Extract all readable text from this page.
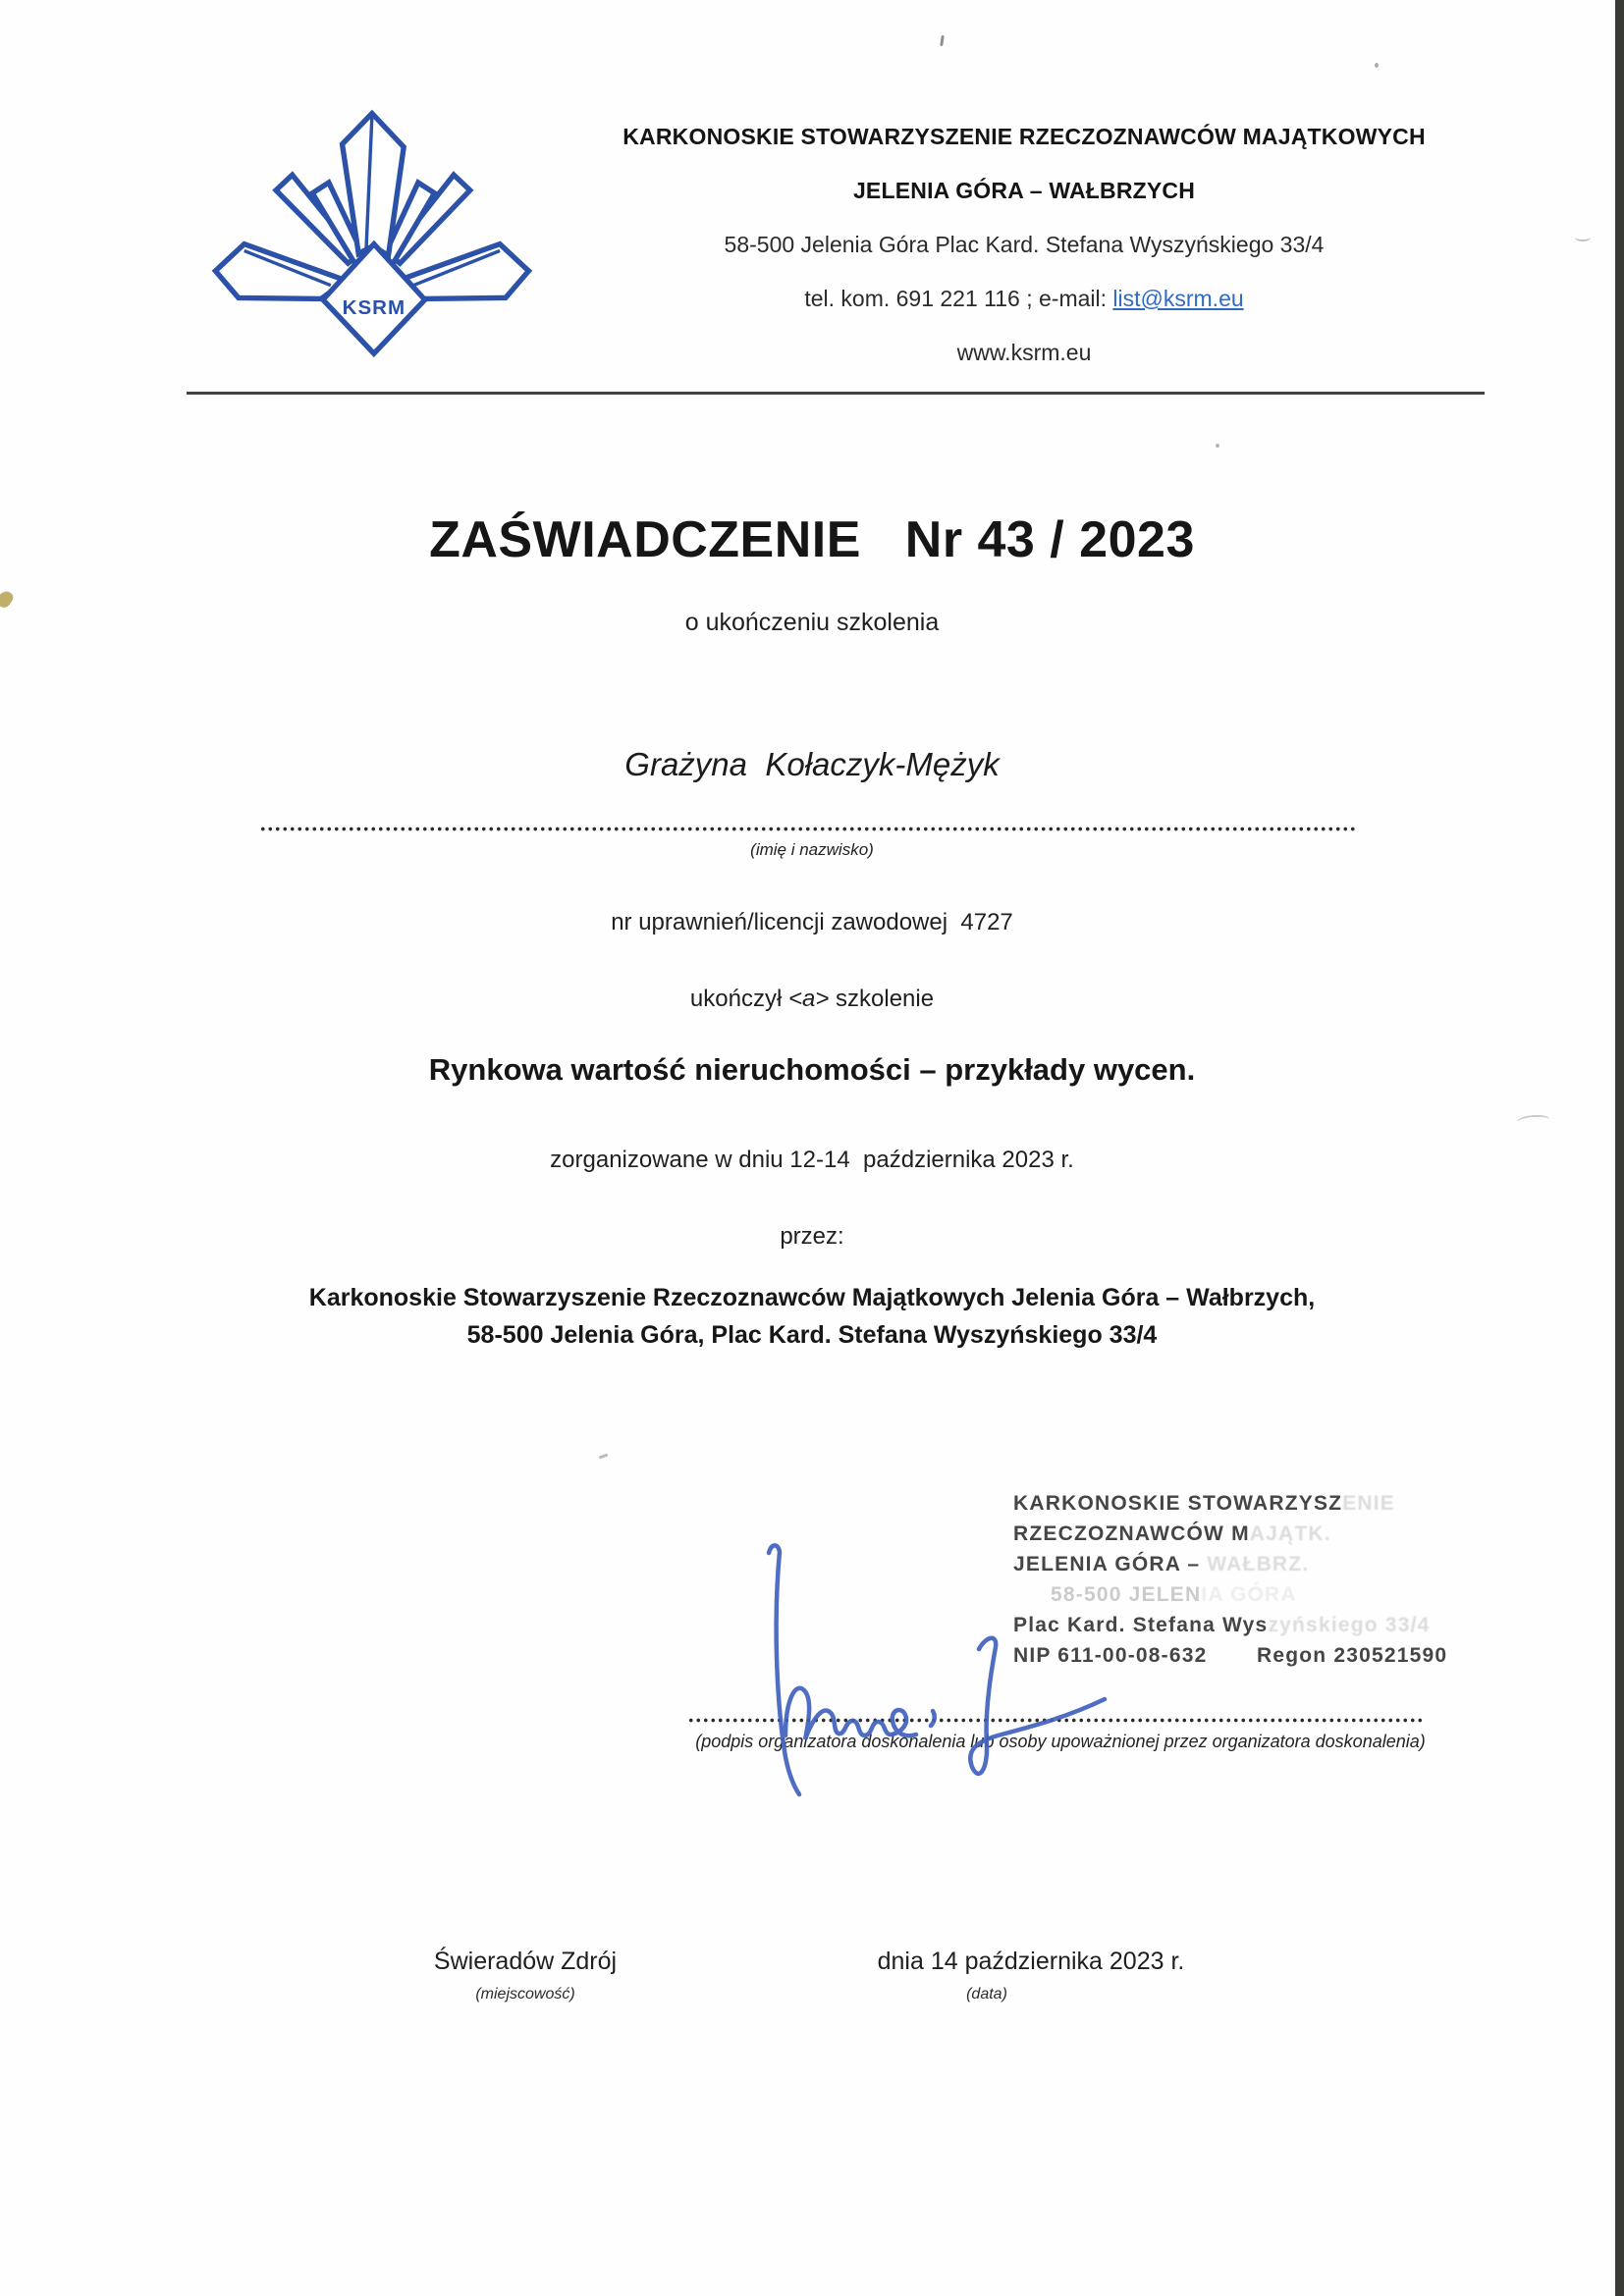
KSRM
KARKONOSKIE STOWARZYSZENIE RZECZOZNAWCÓW MAJĄTKOWYCH
JELENIA GÓRA – WAŁBRZYCH
58-500 Jelenia Góra Plac Kard. Stefana Wyszyńskiego 33/4
tel. kom. 691 221 116 ; e-mail: list@ksrm.eu
www.ksrm.eu
ZAŚWIADCZENIE   Nr 43 / 2023
o ukończeniu szkolenia
Grażyna  Kołaczyk-Mężyk
(imię i nazwisko)
nr uprawnień/licencji zawodowej  4727
ukończył <a> szkolenie
Rynkowa wartość nieruchomości – przykłady wycen.
zorganizowane w dniu 12-14  października 2023 r.
przez:
Karkonoskie Stowarzyszenie Rzeczoznawców Majątkowych Jelenia Góra – Wałbrzych,
58-500 Jelenia Góra, Plac Kard. Stefana Wyszyńskiego 33/4
KARKONOSKIE STOWARZYSZENIE
RZECZOZNAWCÓW MAJĄTK.
JELENIA GÓRA – WAŁBRZ.
58-500 JELENIA GÓRA
Plac Kard. Stefana Wyszyńskiego 33/4
NIP 611-00-08-632 Regon 230521590
(podpis organizatora doskonalenia lub osoby upoważnionej przez organizatora doskonalenia)
Świeradów Zdrój
(miejscowość)
dnia 14 października 2023 r.
(data)
